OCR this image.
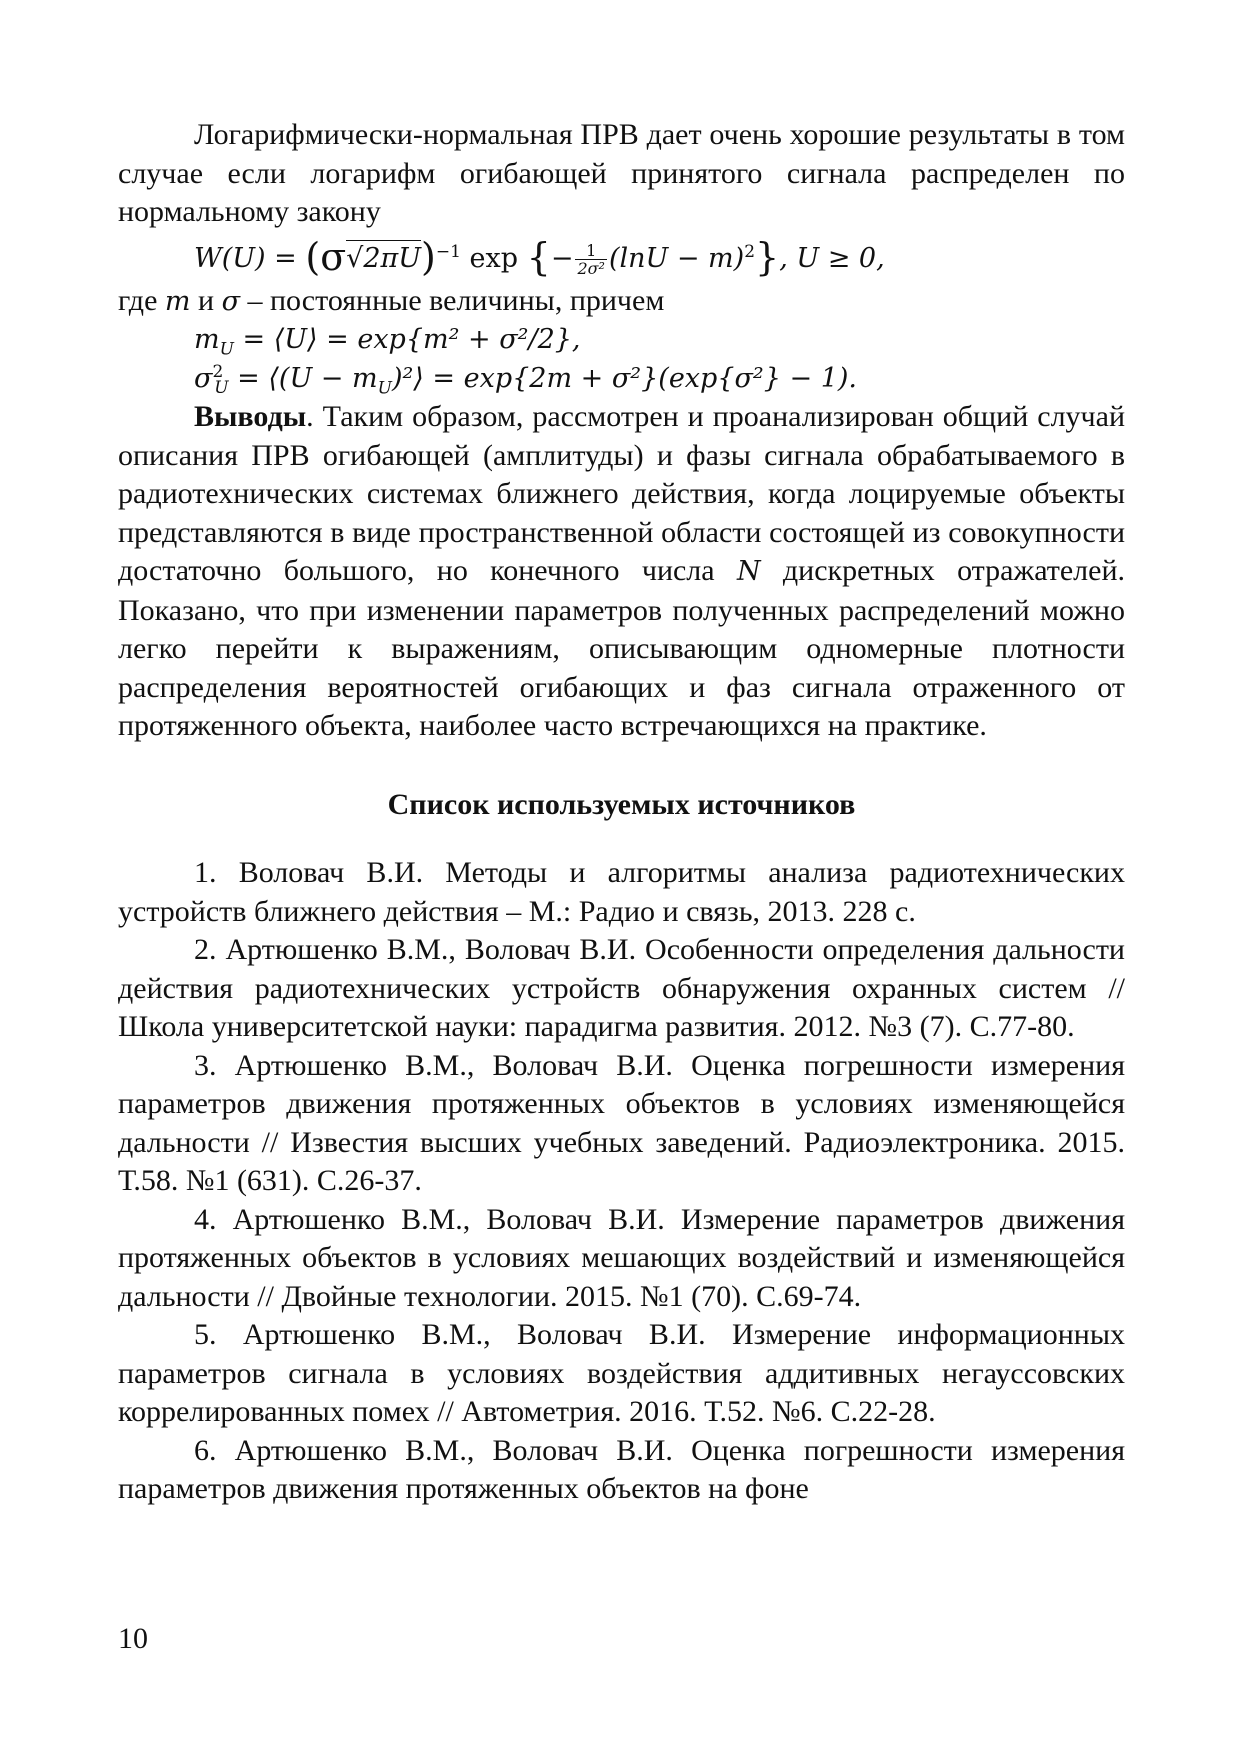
Логарифмически-нормальная ПРВ дает очень хорошие результаты в том случае если логарифм огибающей принятого сигнала распределен по нормальному закону

$W(U) = (\sigma√2\pi U)^{-1}$ exp {− $\frac{1}{\text{2σ²}} (\ln U - m)^2$}, U ≥ 0,

где m и σ – постоянные величины, причем

$m_U$ = ⟨U⟩ = exp{m² + σ²/2},
$\sigma^2_U$ = ⟨(U − $m_U)^2⟩ = \exp\{2m + \sigma^2\}(\exp\{\sigma^2\} - 1)$.

Выводы. Таким образом, рассмотрен и проанализирован общий случай описания ПРВ огибающей (амплитуды) и фазы сигнала обрабатываемого в радиотехнических системах ближнего действия, когда лоцируемые объекты представляются в виде пространственной области состоящей из совокупности достаточно большого, но конечного числа N дискретных отражателей. Показано, что при изменении параметров полученных распределений можно легко перейти к выражениям, описывающим одномерные плотности распределения вероятностей огибающих и фаз сигнала отраженного от протяженного объекта, наиболее часто встречающихся на практике.

Список используемых источников

1. Воловач В.И. Методы и алгоритмы анализа радиотехнических устройств ближнего действия – М.: Радио и связь, 2013. 228 с.

2. Артюшенко В.М., Воловач В.И. Особенности определения дальности действия радиотехнических устройств обнаружения охранных систем // Школа университетской науки: парадигма развития. 2012. №3 (7). С.77-80.

3. Артюшенко В.М., Воловач В.И. Оценка погрешности измерения параметров движения протяженных объектов в условиях изменяющейся дальности // Известия высших учебных заведений. Радиоэлектроника. 2015. Т.58. №1 (631). С.26-37.

4. Артюшенко В.М., Воловач В.И. Измерение параметров движения протяженных объектов в условиях мешающих воздействий и изменяющейся дальности // Двойные технологии. 2015. №1 (70). С.69-74.

5. Артюшенко В.М., Воловач В.И. Измерение информационных параметров сигнала в условиях воздействия аддитивных негауссовских коррелированных помех // Автометрия. 2016. Т.52. №6. С.22-28.

6. Артюшенко В.М., Воловач В.И. Оценка погрешности измерения параметров движения протяженных объектов на фоне

10
